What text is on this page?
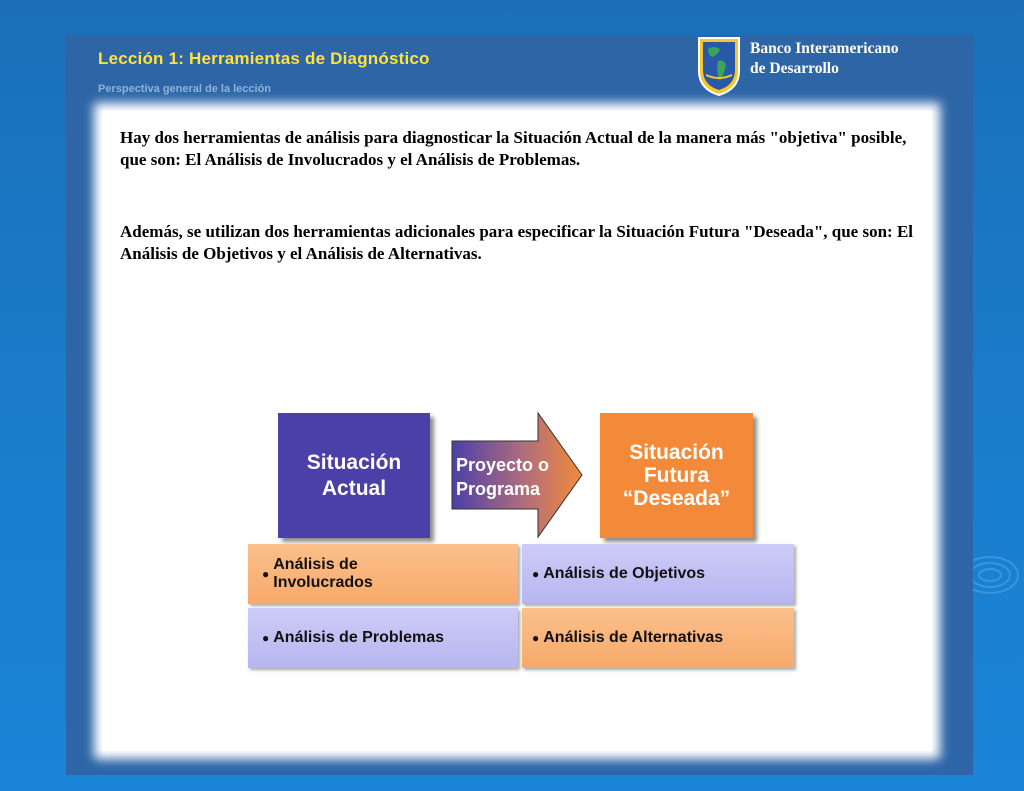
Lección 1: Herramientas de Diagnóstico
Perspectiva general de la lección
Banco Interamericano
de Desarrollo
Hay dos herramientas de análisis para diagnosticar la Situación Actual de la manera más "objetiva" posible, que son: El Análisis de Involucrados y el Análisis de Problemas.
Además, se utilizan dos herramientas adicionales para especificar la Situación Futura "Deseada", que son: El Análisis de Objetivos y el Análisis de Alternativas.
Situación
Actual
Proyecto o
Programa
Situación
Futura
“Deseada”
●
Análisis de
Involucrados	● Análisis de Objetivos
● Análisis de Problemas	● Análisis de Alternativas
